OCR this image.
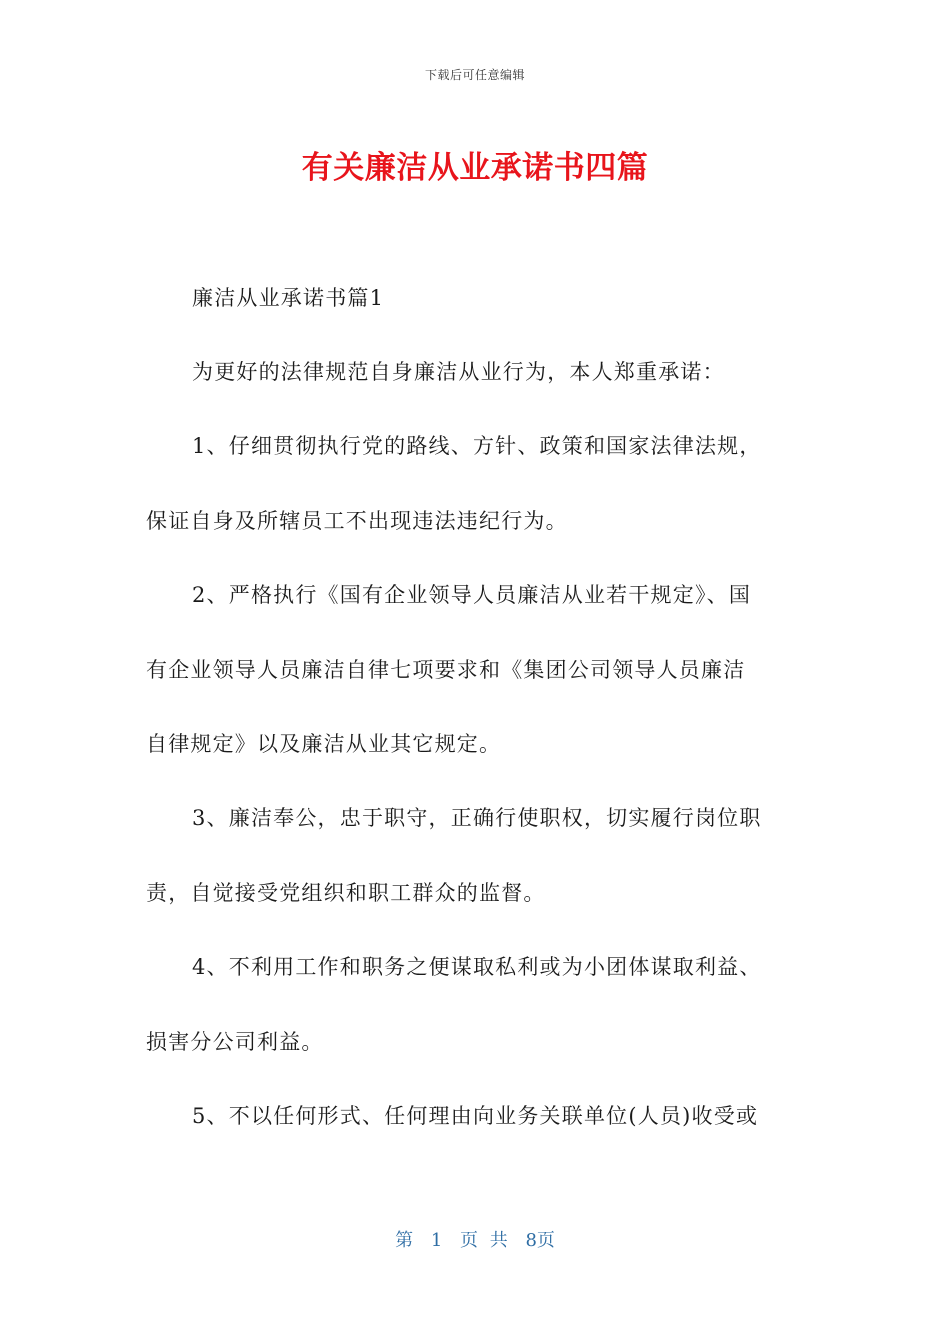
下载后可任意编辑
有关廉洁从业承诺书四篇
廉洁从业承诺书篇1
为更好的法律规范自身廉洁从业行为，本人郑重承诺：
1、仔细贯彻执行党的路线、方针、政策和国家法律法规，
保证自身及所辖员工不出现违法违纪行为。
2、严格执行《国有企业领导人员廉洁从业若干规定》、国
有企业领导人员廉洁自律七项要求和《集团公司领导人员廉洁
自律规定》以及廉洁从业其它规定。
3、廉洁奉公，忠于职守，正确行使职权，切实履行岗位职
责，自觉接受党组织和职工群众的监督。
4、不利用工作和职务之便谋取私利或为小团体谋取利益、
损害分公司利益。
5、不以任何形式、任何理由向业务关联单位(人员)收受或
第 1 页 共 8页
